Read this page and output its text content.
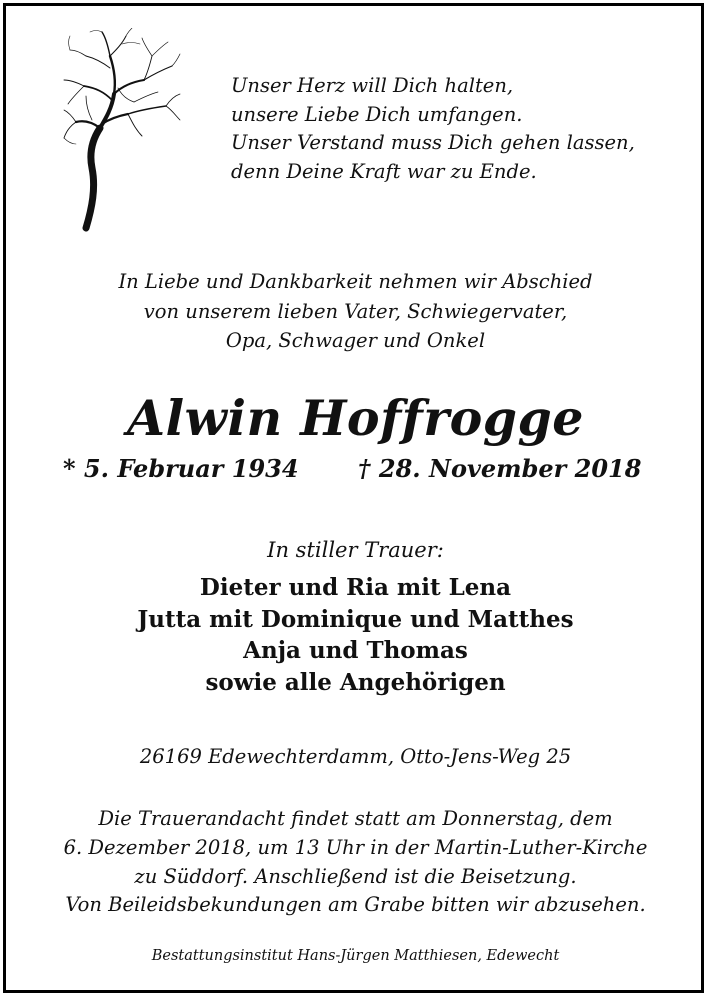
Unser Herz will Dich halten,
unsere Liebe Dich umfangen.
Unser Verstand muss Dich gehen lassen,
denn Deine Kraft war zu Ende.
In Liebe und Dankbarkeit nehmen wir Abschied
von unserem lieben Vater, Schwiegervater,
Opa, Schwager und Onkel
Alwin Hoffrogge
* 5. Februar 1934 † 28. November 2018
In stiller Trauer:
Dieter und Ria mit Lena
Jutta mit Dominique und Matthes
Anja und Thomas
sowie alle Angehörigen
26169 Edewechterdamm, Otto-Jens-Weg 25
Die Trauerandacht findet statt am Donnerstag, dem
6. Dezember 2018, um 13 Uhr in der Martin-Luther-Kirche
zu Süddorf. Anschließend ist die Beisetzung.
Von Beileidsbekundungen am Grabe bitten wir abzusehen.
Bestattungsinstitut Hans-Jürgen Matthiesen, Edewecht
